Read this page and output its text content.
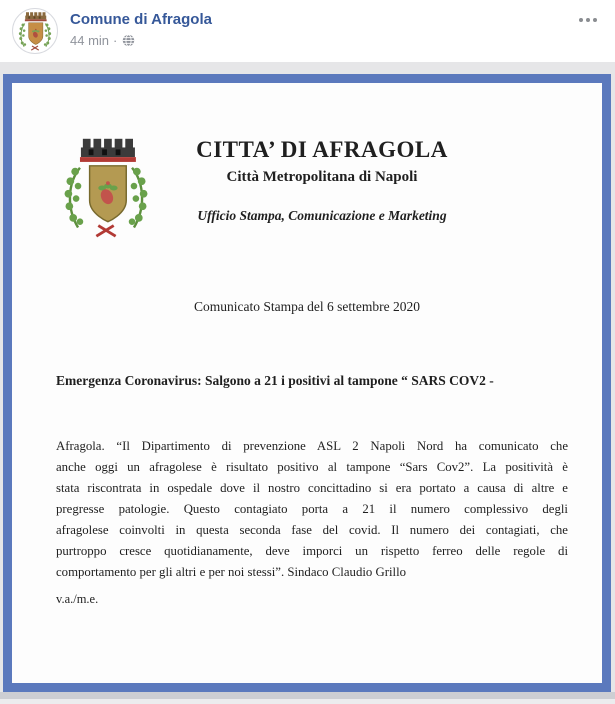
Comune di Afragola
44 min ·
CITTA’ DI AFRAGOLA
Città Metropolitana di Napoli
Ufficio Stampa, Comunicazione e Marketing
Comunicato Stampa del 6 settembre 2020
Emergenza Coronavirus: Salgono a 21 i positivi al tampone “ SARS COV2 -
Afragola. “Il Dipartimento di prevenzione ASL 2 Napoli Nord ha comunicato che
anche oggi un afragolese è risultato positivo al tampone “Sars Cov2”. La positività è
stata riscontrata in ospedale dove il nostro concittadino si era portato a causa di altre e
pregresse patologie. Questo contagiato porta a 21 il numero complessivo degli
afragolese coinvolti in questa seconda fase del covid. Il numero dei contagiati, che
purtroppo cresce quotidianamente, deve imporci un rispetto ferreo delle regole di
comportamento per gli altri e per noi stessi”. Sindaco Claudio Grillo
v.a./m.e.
